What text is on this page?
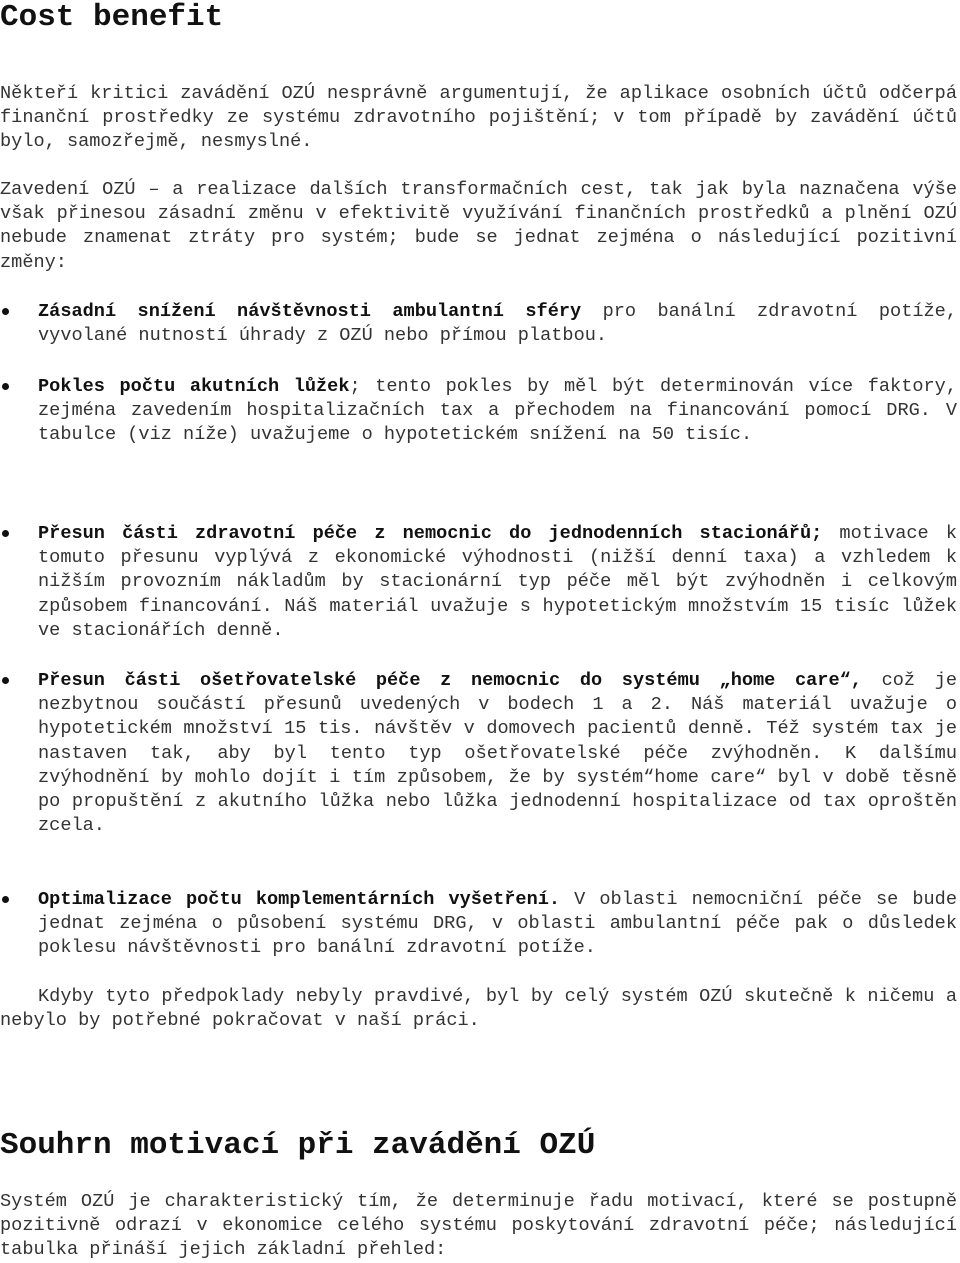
Cost benefit

Někteří kritici zavádění OZÚ nesprávně argumentují, že aplikace osobních účtů odčerpá finanční prostředky ze systému zdravotního pojištění; v tom případě by zavádění účtů bylo, samozřejmě, nesmyslné.

Zavedení OZÚ – a realizace dalších transformačních cest, tak jak byla naznačena výše však přinesou zásadní změnu v efektivitě využívání finančních prostředků a plnění OZÚ nebude znamenat ztráty pro systém; bude se jednat zejména o následující pozitivní změny:

Zásadní snížení návštěvnosti ambulantní sféry pro banální zdravotní potíže, vyvolané nutností úhrady z OZÚ nebo přímou platbou.

Pokles počtu akutních lůžek; tento pokles by měl být determinován více faktory, zejména zavedením hospitalizačních tax a přechodem na financování pomocí DRG. V tabulce (viz níže) uvažujeme o hypotetickém snížení na 50 tisíc.

Přesun části zdravotní péče z nemocnic do jednodenních stacionářů; motivace k tomuto přesunu vyplývá z ekonomické výhodnosti (nižší denní taxa) a vzhledem k nižším provozním nákladům by stacionární typ péče měl být zvýhodněn i celkovým způsobem financování. Náš materiál uvažuje s hypotetickým množstvím 15 tisíc lůžek ve stacionářích denně.

Přesun části ošetřovatelské péče z nemocnic do systému „home care“, což je nezbytnou součástí přesunů uvedených v bodech 1 a 2. Náš materiál uvažuje o hypotetickém množství 15 tis. návštěv v domovech pacientů denně. Též systém tax je nastaven tak, aby byl tento typ ošetřovatelské péče zvýhodněn. K dalšímu zvýhodnění by mohlo dojít i tím způsobem, že by systém“home care“ byl v době těsně po propuštění z akutního lůžka nebo lůžka jednodenní hospitalizace od tax oproštěn zcela.

Optimalizace počtu komplementárních vyšetření. V oblasti nemocniční péče se bude jednat zejména o působení systému DRG, v oblasti ambulantní péče pak o důsledek poklesu návštěvnosti pro banální zdravotní potíže.

Kdyby tyto předpoklady nebyly pravdivé, byl by celý systém OZÚ skutečně k ničemu a nebylo by potřebné pokračovat v naší práci.

Souhrn motivací při zavádění OZÚ

Systém OZÚ je charakteristický tím, že determinuje řadu motivací, které se postupně pozitivně odrazí v ekonomice celého systému poskytování zdravotní péče; následující tabulka přináší jejich základní přehled:
